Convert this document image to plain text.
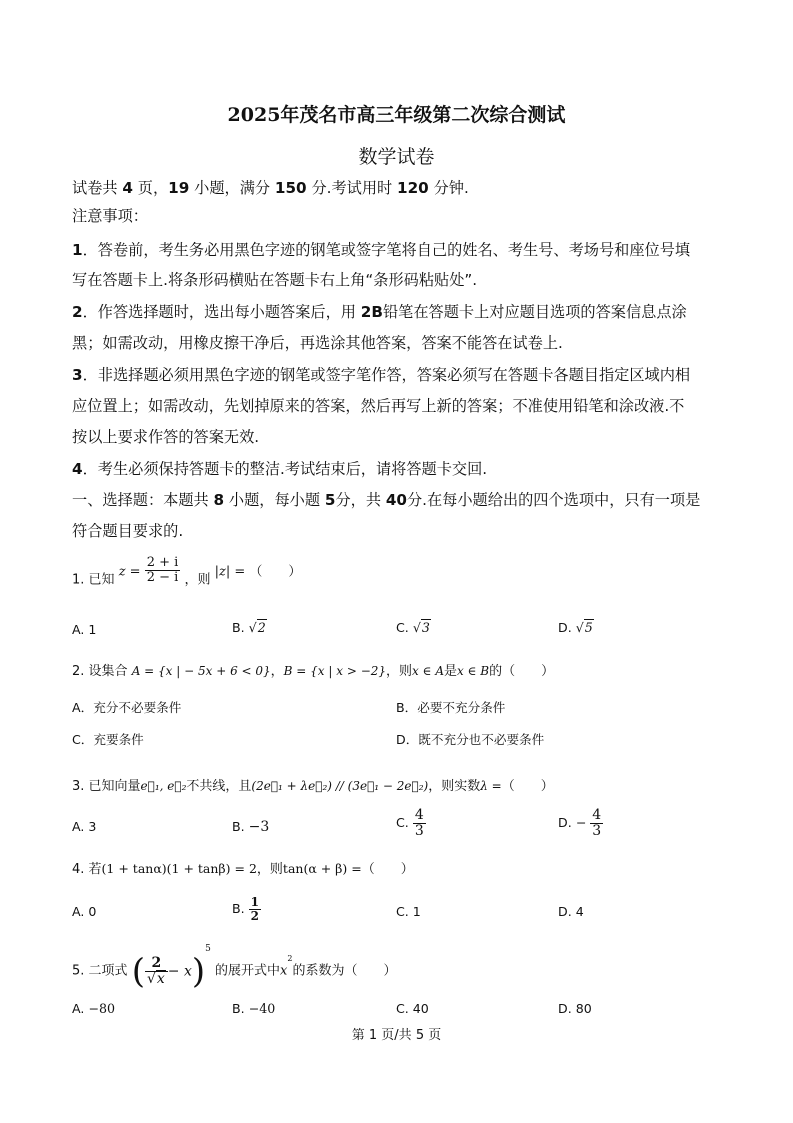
2025年茂名市高三年级第二次综合测试
数学试卷
试卷共 4 页，19 小题，满分 150 分.考试用时 120 分钟.
注意事项：
1．答卷前，考生务必用黑色字迹的钢笔或签字笔将自己的姓名、考生号、考场号和座位号填
写在答题卡上.将条形码横贴在答题卡右上角“条形码粘贴处”.
2．作答选择题时，选出每小题答案后，用 2B铅笔在答题卡上对应题目选项的答案信息点涂
黑；如需改动，用橡皮擦干净后，再选涂其他答案，答案不能答在试卷上.
3．非选择题必须用黑色字迹的钢笔或签字笔作答，答案必须写在答题卡各题目指定区域内相
应位置上；如需改动，先划掉原来的答案，然后再写上新的答案；不准使用铅笔和涂改液.不
按以上要求作答的答案无效.
4．考生必须保持答题卡的整洁.考试结束后，请将答题卡交回.
一、选择题：本题共 8 小题，每小题 5分，共 40分.在每小题给出的四个选项中，只有一项是
符合题目要求的.
1. 已知 $z = \frac{2 + i}{2 - i}$ ，则 |z| = （　　）
A. 1	B. √2	C. √3	D. √5
2. 设集合 A = {x | − 5x + 6 < 0}，B = {x | x > −2}，则x ∈ A是x ∈ B的（　　）
A．充分不必要条件	B．必要不充分条件
C．充要条件	D．既不充分也不必要条件
3. 已知向量e⃗₁, e⃗₂不共线，且(2e⃗₁ + λe⃗₂) // (3e⃗₁ − 2e⃗₂)，则实数λ =（　　）
A. 3	B. −3	C. $\frac{4}{3}$	D. − $\frac{4}{3}$
4. 若(1 + tanα)(1 + tanβ) = 2，则tan(α + β) =（　　）
A. 0	B. $\frac{1}{2}$	C. 1	D. 4
5. 二项式 ( $\frac{2}{√x} - x)^5$ 的展开式中$x^2$的系数为（　　）
A. −80	B. −40	C. 40	D. 80
第 1 页/共 5 页
